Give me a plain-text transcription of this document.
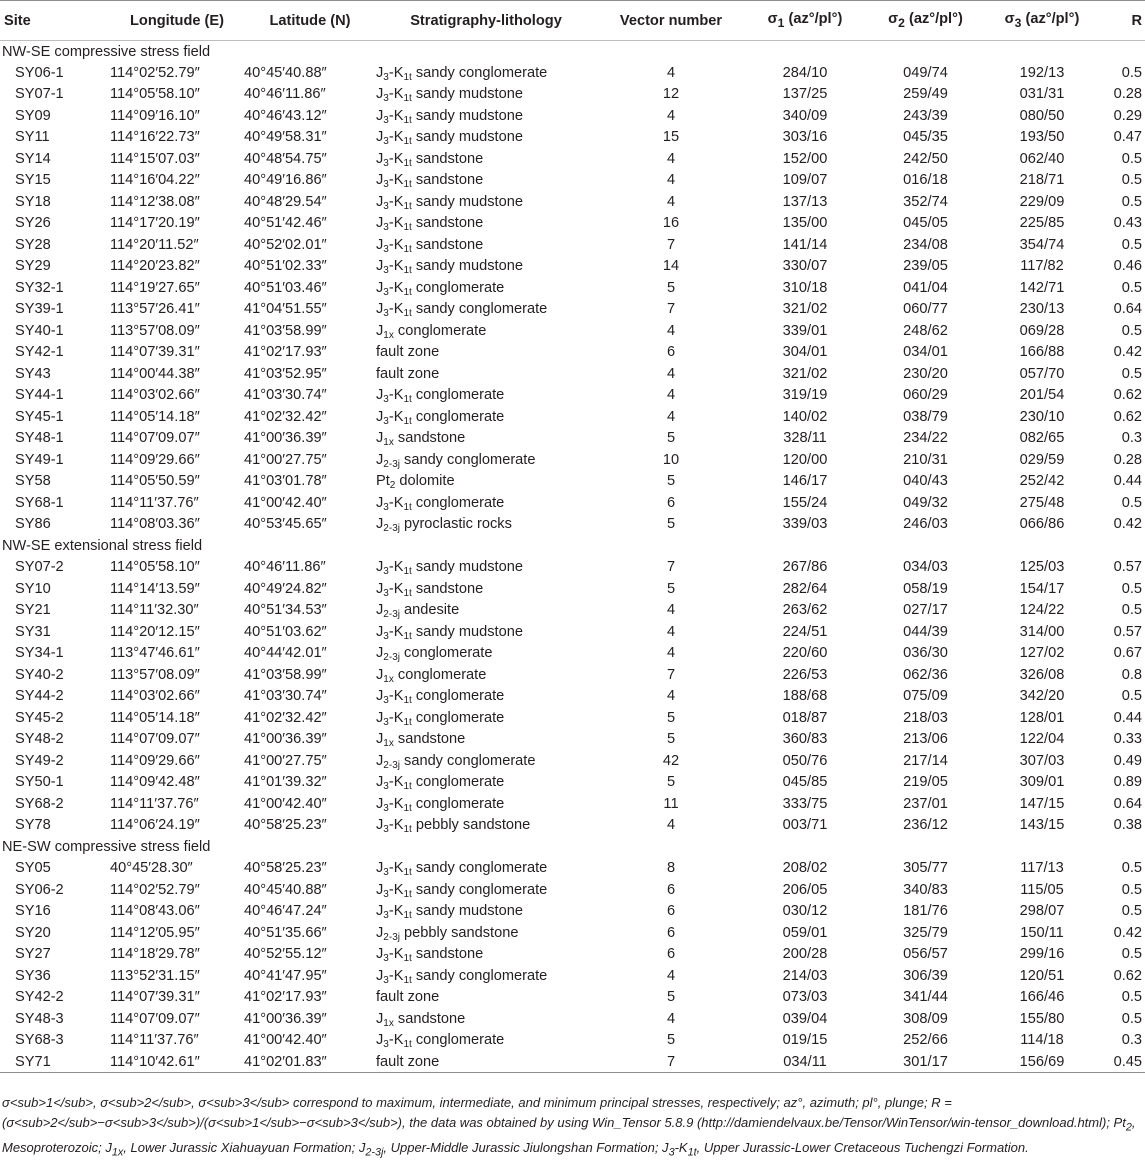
Site	Longitude (E)	Latitude (N)	Stratigraphy-lithology	Vector number	$\sigma_1$ (az°/pl°)	$\sigma_2$ (az°/pl°)	$\sigma_3$ (az°/pl°)	R
NW-SE compressive stress field								
SY06-1	114°02′52.79″	40°45′40.88″	$J_3-K_{1t}$ sandy conglomerate	4	284/10	049/74	192/13	0.5
SY07-1	114°05′58.10″	40°46′11.86″	$J_3-K_{1t}$ sandy mudstone	12	137/25	259/49	031/31	0.28
SY09	114°09′16.10″	40°46′43.12″	$J_3-K_{1t}$ sandy mudstone	4	340/09	243/39	080/50	0.29
SY11	114°16′22.73″	40°49′58.31″	$J_3-K_{1t}$ sandy mudstone	15	303/16	045/35	193/50	0.47
SY14	114°15′07.03″	40°48′54.75″	$J_3-K_{1t}$ sandstone	4	152/00	242/50	062/40	0.5
SY15	114°16′04.22″	40°49′16.86″	$J_3-K_{1t}$ sandstone	4	109/07	016/18	218/71	0.5
SY18	114°12′38.08″	40°48′29.54″	$J_3-K_{1t}$ sandy mudstone	4	137/13	352/74	229/09	0.5
SY26	114°17′20.19″	40°51′42.46″	$J_3-K_{1t}$ sandstone	16	135/00	045/05	225/85	0.43
SY28	114°20′11.52″	40°52′02.01″	$J_3-K_{1t}$ sandstone	7	141/14	234/08	354/74	0.5
SY29	114°20′23.82″	40°51′02.33″	$J_3-K_{1t}$ sandy mudstone	14	330/07	239/05	117/82	0.46
SY32-1	114°19′27.65″	40°51′03.46″	$J_3-K_{1t}$ conglomerate	5	310/18	041/04	142/71	0.5
SY39-1	113°57′26.41″	41°04′51.55″	$J_3-K_{1t}$ sandy conglomerate	7	321/02	060/77	230/13	0.64
SY40-1	113°57′08.09″	41°03′58.99″	$J_{1x}$ conglomerate	4	339/01	248/62	069/28	0.5
SY42-1	114°07′39.31″	41°02′17.93″	fault zone	6	304/01	034/01	166/88	0.42
SY43	114°00′44.38″	41°03′52.95″	fault zone	4	321/02	230/20	057/70	0.5
SY44-1	114°03′02.66″	41°03′30.74″	$J_3-K_{1t}$ conglomerate	4	319/19	060/29	201/54	0.62
SY45-1	114°05′14.18″	41°02′32.42″	$J_3-K_{1t}$ conglomerate	4	140/02	038/79	230/10	0.62
SY48-1	114°07′09.07″	41°00′36.39″	$J_{1x}$ sandstone	5	328/11	234/22	082/65	0.3
SY49-1	114°09′29.66″	41°00′27.75″	$J_{2-3j}$ sandy conglomerate	10	120/00	210/31	029/59	0.28
SY58	114°05′50.59″	41°03′01.78″	$Pt_2$ dolomite	5	146/17	040/43	252/42	0.44
SY68-1	114°11′37.76″	41°00′42.40″	$J_3-K_{1t}$ conglomerate	6	155/24	049/32	275/48	0.5
SY86	114°08′03.36″	40°53′45.65″	$J_{2-3j}$ pyroclastic rocks	5	339/03	246/03	066/86	0.42
NW-SE extensional stress field								
SY07-2	114°05′58.10″	40°46′11.86″	$J_3-K_{1t}$ sandy mudstone	7	267/86	034/03	125/03	0.57
SY10	114°14′13.59″	40°49′24.82″	$J_3-K_{1t}$ sandstone	5	282/64	058/19	154/17	0.5
SY21	114°11′32.30″	40°51′34.53″	$J_{2-3j}$ andesite	4	263/62	027/17	124/22	0.5
SY31	114°20′12.15″	40°51′03.62″	$J_3-K_{1t}$ sandy mudstone	4	224/51	044/39	314/00	0.57
SY34-1	113°47′46.61″	40°44′42.01″	$J_{2-3j}$ conglomerate	4	220/60	036/30	127/02	0.67
SY40-2	113°57′08.09″	41°03′58.99″	$J_{1x}$ conglomerate	7	226/53	062/36	326/08	0.8
SY44-2	114°03′02.66″	41°03′30.74″	$J_3-K_{1t}$ conglomerate	4	188/68	075/09	342/20	0.5
SY45-2	114°05′14.18″	41°02′32.42″	$J_3-K_{1t}$ conglomerate	5	018/87	218/03	128/01	0.44
SY48-2	114°07′09.07″	41°00′36.39″	$J_{1x}$ sandstone	5	360/83	213/06	122/04	0.33
SY49-2	114°09′29.66″	41°00′27.75″	$J_{2-3j}$ sandy conglomerate	42	050/76	217/14	307/03	0.49
SY50-1	114°09′42.48″	41°01′39.32″	$J_3-K_{1t}$ conglomerate	5	045/85	219/05	309/01	0.89
SY68-2	114°11′37.76″	41°00′42.40″	$J_3-K_{1t}$ conglomerate	11	333/75	237/01	147/15	0.64
SY78	114°06′24.19″	40°58′25.23″	$J_3-K_{1t}$ pebbly sandstone	4	003/71	236/12	143/15	0.38
NE-SW compressive stress field								
SY05	40°45′28.30″	40°58′25.23″	$J_3-K_{1t}$ sandy conglomerate	8	208/02	305/77	117/13	0.5
SY06-2	114°02′52.79″	40°45′40.88″	$J_3-K_{1t}$ sandy conglomerate	6	206/05	340/83	115/05	0.5
SY16	114°08′43.06″	40°46′47.24″	$J_3-K_{1t}$ sandy mudstone	6	030/12	181/76	298/07	0.5
SY20	114°12′05.95″	40°51′35.66″	$J_{2-3j}$ pebbly sandstone	6	059/01	325/79	150/11	0.42
SY27	114°18′29.78″	40°52′55.12″	$J_3-K_{1t}$ sandstone	6	200/28	056/57	299/16	0.5
SY36	113°52′31.15″	40°41′47.95″	$J_3-K_{1t}$ sandy conglomerate	4	214/03	306/39	120/51	0.62
SY42-2	114°07′39.31″	41°02′17.93″	fault zone	5	073/03	341/44	166/46	0.5
SY48-3	114°07′09.07″	41°00′36.39″	$J_{1x}$ sandstone	4	039/04	308/09	155/80	0.5
SY68-3	114°11′37.76″	41°00′42.40″	$J_3-K_{1t}$ conglomerate	5	019/15	252/66	114/18	0.3
SY71	114°10′42.61″	41°02′01.83″	fault zone	7	034/11	301/17	156/69	0.45
σ<sub>1</sub>, σ<sub>2</sub>, σ<sub>3</sub> correspond to maximum, intermediate, and minimum principal stresses, respectively; az°, azimuth; pl°, plunge; R = (σ<sub>2</sub>−σ<sub>3</sub>)/(σ<sub>1</sub>−σ<sub>3</sub>), the data was obtained by using Win_Tensor 5.8.9 (http://damiendelvaux.be/Tensor/WinTensor/win-tensor_download.html); $Pt_2$, Mesoproterozoic; $J_{1x}$, Lower Jurassic Xiahuayuan Formation; $J_{2-3j}$, Upper-Middle Jurassic Jiulongshan Formation; $J_3-K_{1t}$, Upper Jurassic-Lower Cretaceous Tuchengzi Formation.
